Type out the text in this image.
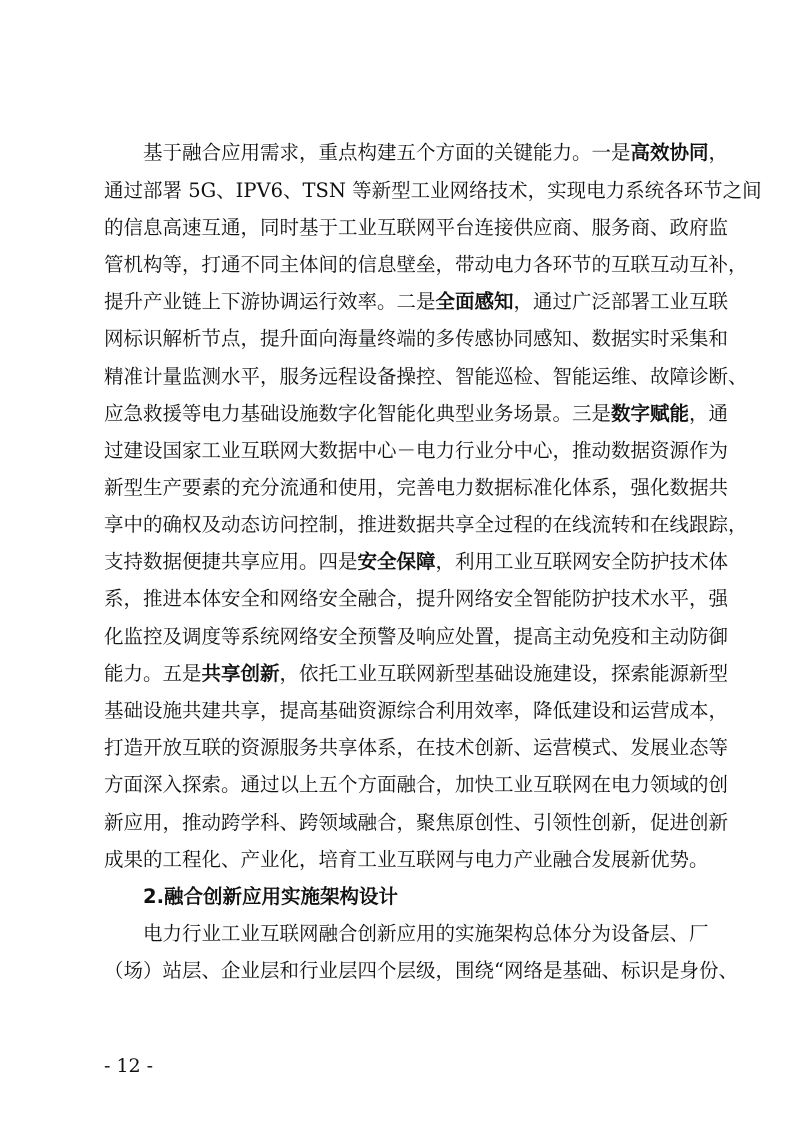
基于融合应用需求，重点构建五个方面的关键能力。一是高效协同，
通过部署 5G、IPV6、TSN 等新型工业网络技术，实现电力系统各环节之间
的信息高速互通，同时基于工业互联网平台连接供应商、服务商、政府监
管机构等，打通不同主体间的信息壁垒，带动电力各环节的互联互动互补，
提升产业链上下游协调运行效率。二是全面感知，通过广泛部署工业互联
网标识解析节点，提升面向海量终端的多传感协同感知、数据实时采集和
精准计量监测水平，服务远程设备操控、智能巡检、智能运维、故障诊断、
应急救援等电力基础设施数字化智能化典型业务场景。三是数字赋能，通
过建设国家工业互联网大数据中心－电力行业分中心，推动数据资源作为
新型生产要素的充分流通和使用，完善电力数据标准化体系，强化数据共
享中的确权及动态访问控制，推进数据共享全过程的在线流转和在线跟踪，
支持数据便捷共享应用。四是安全保障，利用工业互联网安全防护技术体
系，推进本体安全和网络安全融合，提升网络安全智能防护技术水平，强
化监控及调度等系统网络安全预警及响应处置，提高主动免疫和主动防御
能力。五是共享创新，依托工业互联网新型基础设施建设，探索能源新型
基础设施共建共享，提高基础资源综合利用效率，降低建设和运营成本，
打造开放互联的资源服务共享体系，在技术创新、运营模式、发展业态等
方面深入探索。通过以上五个方面融合，加快工业互联网在电力领域的创
新应用，推动跨学科、跨领域融合，聚焦原创性、引领性创新，促进创新
成果的工程化、产业化，培育工业互联网与电力产业融合发展新优势。
2.融合创新应用实施架构设计
电力行业工业互联网融合创新应用的实施架构总体分为设备层、厂
（场）站层、企业层和行业层四个层级，围绕“网络是基础、标识是身份、
- 12 -
